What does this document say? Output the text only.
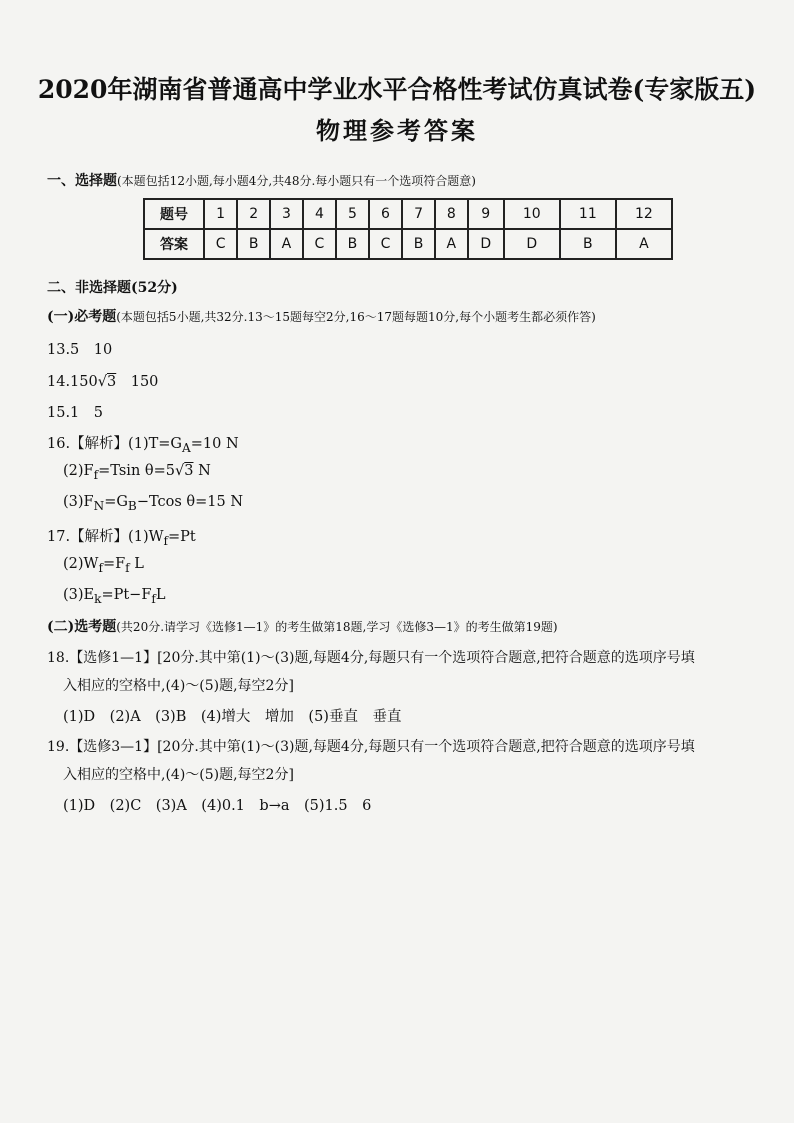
2020年湖南省普通高中学业水平合格性考试仿真试卷(专家版五)
物理参考答案
一、选择题(本题包括12小题,每小题4分,共48分.每小题只有一个选项符合题意)
题号	1	2	3	4	5	6	7	8	9	10	11	12
答案	C	B	A	C	B	C	B	A	D	D	B	A
二、非选择题(52分)
(一)必考题(本题包括5小题,共32分.13～15题每空2分,16～17题每题10分,每个小题考生都必须作答)
13.5　10
14.150√3　150
15.1　5
16.【解析】$(1)T=G_A=10$ N
$(2)F_f=Tsin$ θ=5√3 N
$(3)F_N=G_B-Tcos$ θ=15 N
17.【解析】$(1)W_f=Pt$
$(2)W_f=F_f$ L
$(3)E_k=Pt-F_fL$
(二)选考题(共20分.请学习《选修1—1》的考生做第18题,学习《选修3—1》的考生做第19题)
18.【选修1—1】[20分.其中第(1)～(3)题,每题4分,每题只有一个选项符合题意,把符合题意的选项序号填
入相应的空格中,(4)～(5)题,每空2分]
(1)D　(2)A　(3)B　(4)增大　增加　(5)垂直　垂直
19.【选修3—1】[20分.其中第(1)～(3)题,每题4分,每题只有一个选项符合题意,把符合题意的选项序号填
入相应的空格中,(4)～(5)题,每空2分]
(1)D　(2)C　(3)A　(4)0.1　b→a　(5)1.5　6
